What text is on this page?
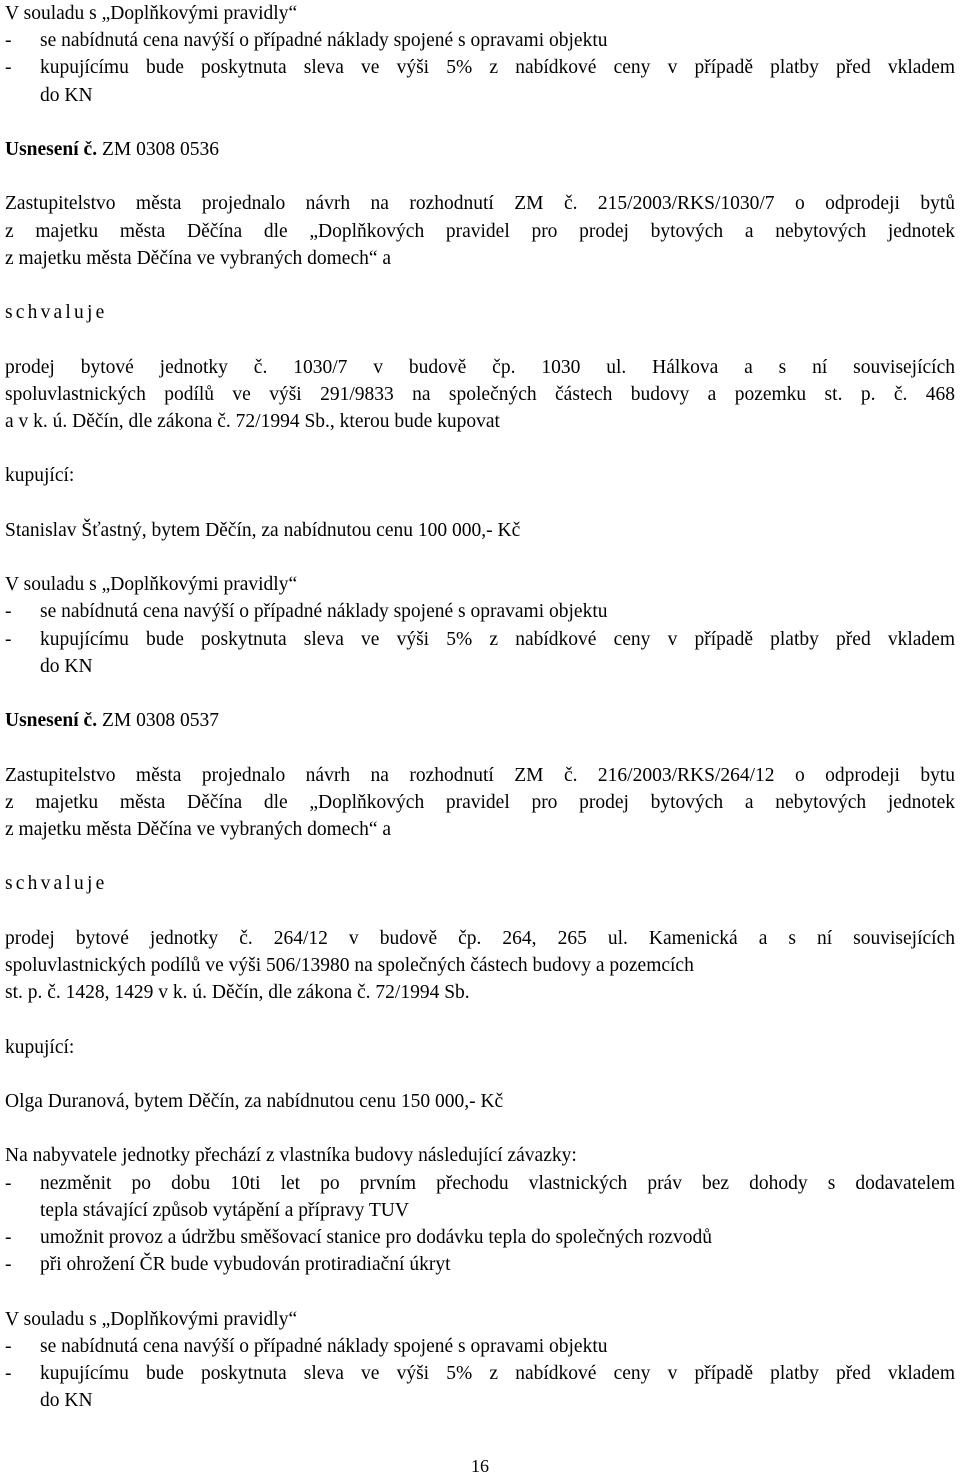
V souladu s „Doplňkovými pravidly“
- se nabídnutá cena navýší o případné náklady spojené s opravami objektu
- kupujícímu bude poskytnuta sleva ve výši 5% z nabídkové ceny v případě platby před vkladem
do KN
Usnesení č. ZM 0308 0536
Zastupitelstvo města projednalo návrh na rozhodnutí ZM č. 215/2003/RKS/1030/7 o odprodeji bytů
z majetku města Děčína dle „Doplňkových pravidel pro prodej bytových a nebytových jednotek
z majetku města Děčína ve vybraných domech“ a
schvaluje
prodej bytové jednotky č. 1030/7 v budově čp. 1030 ul. Hálkova a s ní souvisejících
spoluvlastnických podílů ve výši 291/9833 na společných částech budovy a pozemku st. p. č. 468
a v k. ú. Děčín, dle zákona č. 72/1994 Sb., kterou bude kupovat
kupující:
Stanislav Šťastný, bytem Děčín, za nabídnutou cenu 100 000,- Kč
V souladu s „Doplňkovými pravidly“
- se nabídnutá cena navýší o případné náklady spojené s opravami objektu
- kupujícímu bude poskytnuta sleva ve výši 5% z nabídkové ceny v případě platby před vkladem
do KN
Usnesení č. ZM 0308 0537
Zastupitelstvo města projednalo návrh na rozhodnutí ZM č. 216/2003/RKS/264/12 o odprodeji bytu
z majetku města Děčína dle „Doplňkových pravidel pro prodej bytových a nebytových jednotek
z majetku města Děčína ve vybraných domech“ a
schvaluje
prodej bytové jednotky č. 264/12 v budově čp. 264, 265 ul. Kamenická a s ní souvisejících
spoluvlastnických podílů ve výši 506/13980 na společných částech budovy a pozemcích
st. p. č. 1428, 1429 v k. ú. Děčín, dle zákona č. 72/1994 Sb.
kupující:
Olga Duranová, bytem Děčín, za nabídnutou cenu 150 000,- Kč
Na nabyvatele jednotky přechází z vlastníka budovy následující závazky:
- nezměnit po dobu 10ti let po prvním přechodu vlastnických práv bez dohody s dodavatelem
tepla stávající způsob vytápění a přípravy TUV
- umožnit provoz a údržbu směšovací stanice pro dodávku tepla do společných rozvodů
- při ohrožení ČR bude vybudován protiradiační úkryt
V souladu s „Doplňkovými pravidly“
- se nabídnutá cena navýší o případné náklady spojené s opravami objektu
- kupujícímu bude poskytnuta sleva ve výši 5% z nabídkové ceny v případě platby před vkladem
do KN
16
